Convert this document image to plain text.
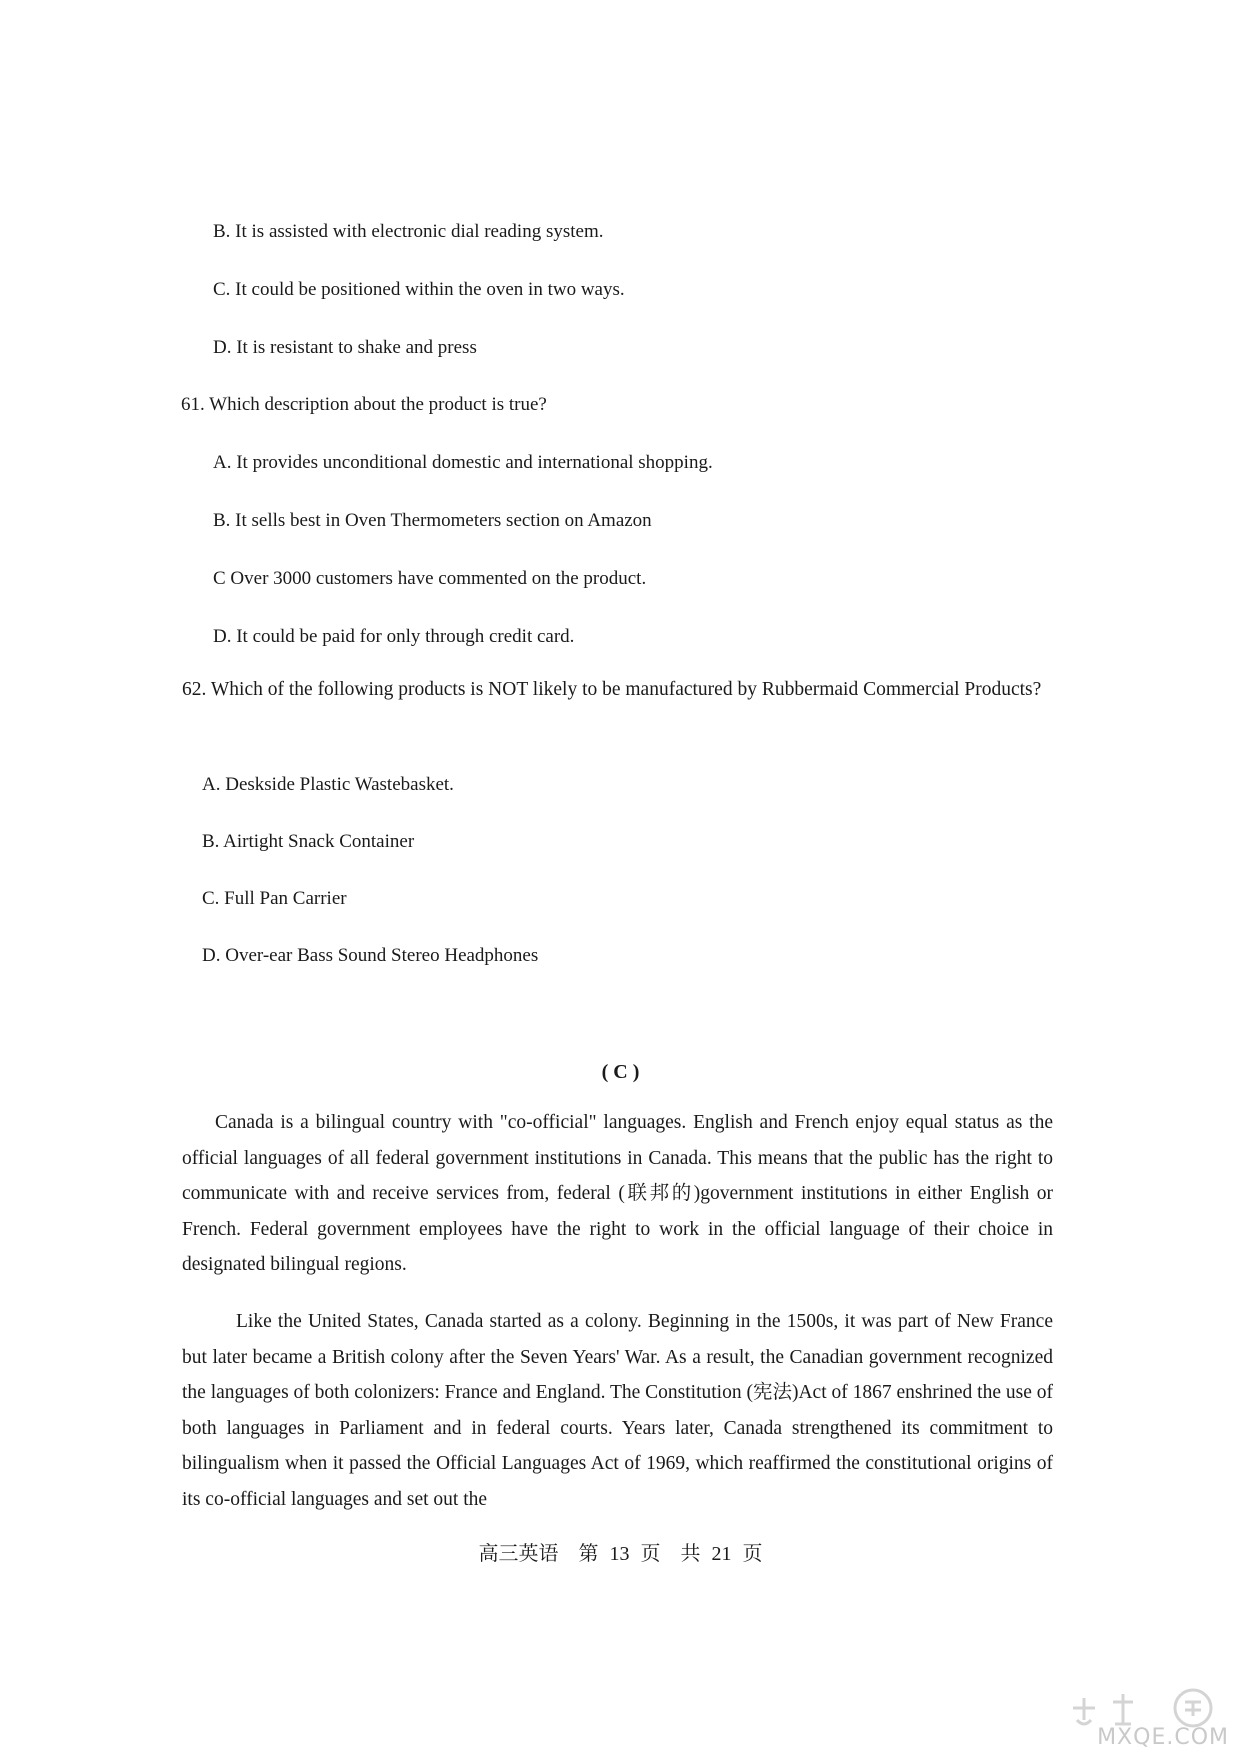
B. It is assisted with electronic dial reading system.

C. It could be positioned within the oven in two ways.

D. It is resistant to shake and press

61. Which description about the product is true?

A. It provides unconditional domestic and international shopping.

B. It sells best in Oven Thermometers section on Amazon

C Over 3000 customers have commented on the product.

D. It could be paid for only through credit card.

62. Which of the following products is NOT likely to be manufactured by Rubbermaid Commercial Products?

A. Deskside Plastic Wastebasket.

B. Airtight Snack Container

C. Full Pan Carrier

D. Over-ear Bass Sound Stereo Headphones

( C )

Canada is a bilingual country with "co-official" languages. English and French enjoy equal status as the official languages of all federal government institutions in Canada. This means that the public has the right to communicate with and receive services from, federal (联邦的)government institutions in either English or French. Federal government employees have the right to work in the official language of their choice in designated bilingual regions.

Like the United States, Canada started as a colony. Beginning in the 1500s, it was part of New France but later became a British colony after the Seven Years' War. As a result, the Canadian government recognized the languages of both colonizers: France and England. The Constitution (宪法)Act of 1867 enshrined the use of both languages in Parliament and in federal courts. Years later, Canada strengthened its commitment to bilingualism when it passed the Official Languages Act of 1969, which reaffirmed the constitutional origins of its co-official languages and set out the

高三英语　第 13 页　共 21 页

MXQE.COM
